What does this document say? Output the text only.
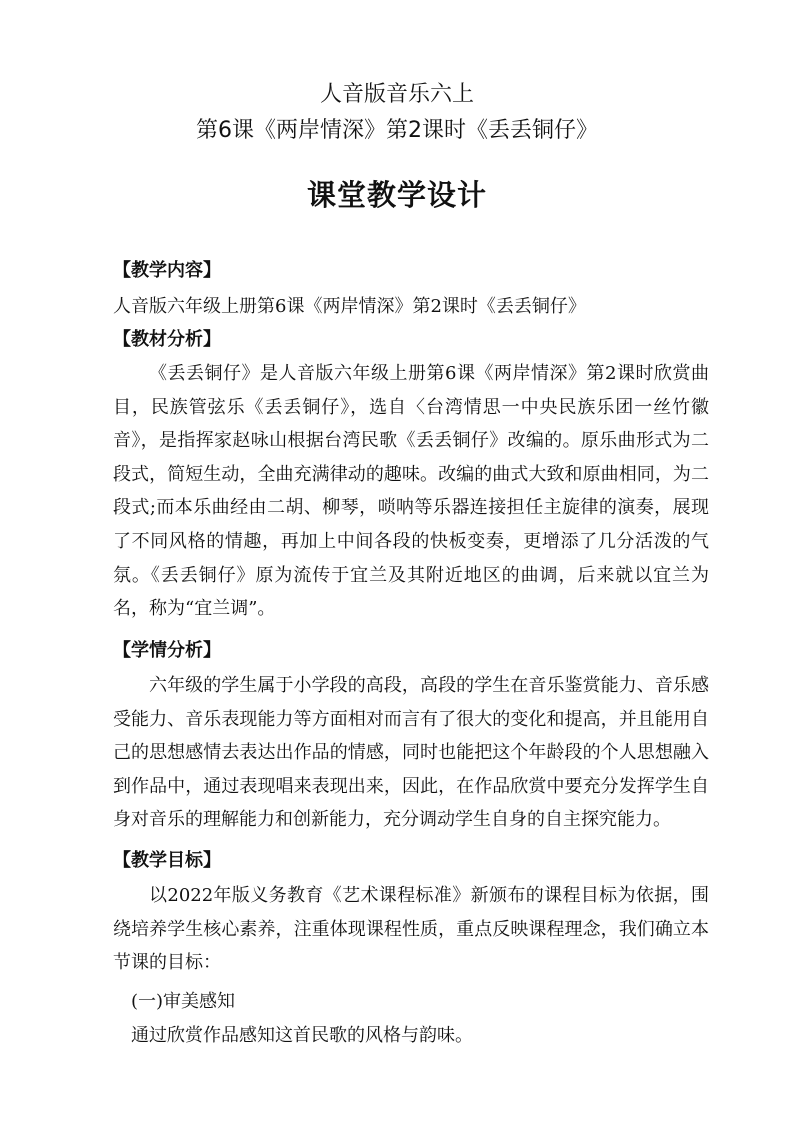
人音版音乐六上
第6课《两岸情深》第2课时《丢丢铜仔》
课堂教学设计
【教学内容】
人音版六年级上册第6课《两岸情深》第2课时《丢丢铜仔》
【教材分析】
《丢丢铜仔》是人音版六年级上册第6课《两岸情深》第2课时欣赏曲目，民族管弦乐《丢丢铜仔》，选自〈台湾情思一中央民族乐团一丝竹徽音》，是指挥家赵咏山根据台湾民歌《丢丢铜仔》改编的。原乐曲形式为二段式，简短生动，全曲充满律动的趣味。改编的曲式大致和原曲相同，为二段式;而本乐曲经由二胡、柳琴，唢呐等乐器连接担任主旋律的演奏，展现了不同风格的情趣，再加上中间各段的快板变奏，更增添了几分活泼的气氛。《丢丢铜仔》原为流传于宜兰及其附近地区的曲调，后来就以宜兰为名，称为“宜兰调”。
【学情分析】
六年级的学生属于小学段的高段，高段的学生在音乐鉴赏能力、音乐感受能力、音乐表现能力等方面相对而言有了很大的变化和提高，并且能用自己的思想感情去表达出作品的情感，同时也能把这个年龄段的个人思想融入到作品中，通过表现唱来表现出来，因此，在作品欣赏中要充分发挥学生自身对音乐的理解能力和创新能力，充分调动学生自身的自主探究能力。
【教学目标】
以2022年版义务教育《艺术课程标准》新颁布的课程目标为依据，围绕培养学生核心素养，注重体现课程性质，重点反映课程理念，我们确立本节课的目标：
(一)审美感知
通过欣赏作品感知这首民歌的风格与韵味。
